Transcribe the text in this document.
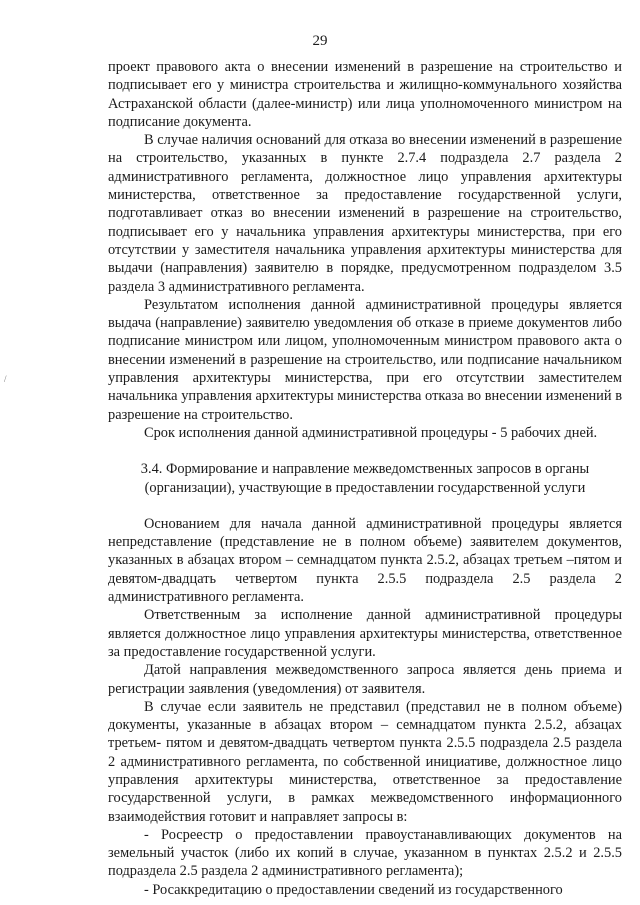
29
/

проект правового акта о внесении изменений в разрешение на строительство и подписывает его у министра строительства и жилищно-коммунального хозяйства Астраханской области (далее-министр) или лица уполномоченного министром на подписание документа.

В случае наличия оснований для отказа во внесении изменений в разрешение на строительство, указанных в пункте 2.7.4 подраздела 2.7 раздела 2 административного регламента, должностное лицо управления архитектуры министерства, ответственное за предоставление государственной услуги, подготавливает отказ во внесении изменений в разрешение на строительство, подписывает его у начальника управления архитектуры министерства, при его отсутствии у заместителя начальника управления архитектуры министерства для выдачи (направления) заявителю в порядке, предусмотренном подразделом 3.5 раздела 3 административного регламента.

Результатом исполнения данной административной процедуры является выдача (направление) заявителю уведомления об отказе в приеме документов либо подписание министром или лицом, уполномоченным министром правового акта о внесении изменений в разрешение на строительство, или подписание начальником управления архитектуры министерства, при его отсутствии заместителем начальника управления архитектуры министерства отказа во внесении изменений в разрешение на строительство.

Срок исполнения данной административной процедуры - 5 рабочих дней.

3.4. Формирование и направление межведомственных запросов в органы
(организации), участвующие в предоставлении государственной услуги

Основанием для начала данной административной процедуры является непредставление (представление не в полном объеме) заявителем документов, указанных в абзацах втором – семнадцатом пункта 2.5.2, абзацах третьем –пятом и девятом-двадцать четвертом пункта 2.5.5 подраздела 2.5 раздела 2 административного регламента.

Ответственным за исполнение данной административной процедуры является должностное лицо управления архитектуры министерства, ответственное за предоставление государственной услуги.

Датой направления межведомственного запроса является день приема и регистрации заявления (уведомления) от заявителя.

В случае если заявитель не представил (представил не в полном объеме) документы, указанные в абзацах втором – семнадцатом пункта 2.5.2, абзацах третьем- пятом и девятом-двадцать четвертом пункта 2.5.5 подраздела 2.5 раздела 2 административного регламента, по собственной инициативе, должностное лицо управления архитектуры министерства, ответственное за предоставление государственной услуги, в рамках межведомственного информационного взаимодействия готовит и направляет запросы в:

- Росреестр о предоставлении правоустанавливающих документов на земельный участок (либо их копий в случае, указанном в пунктах 2.5.2 и 2.5.5 подраздела 2.5 раздела 2 административного регламента);

- Росаккредитацию о предоставлении сведений из государственного
